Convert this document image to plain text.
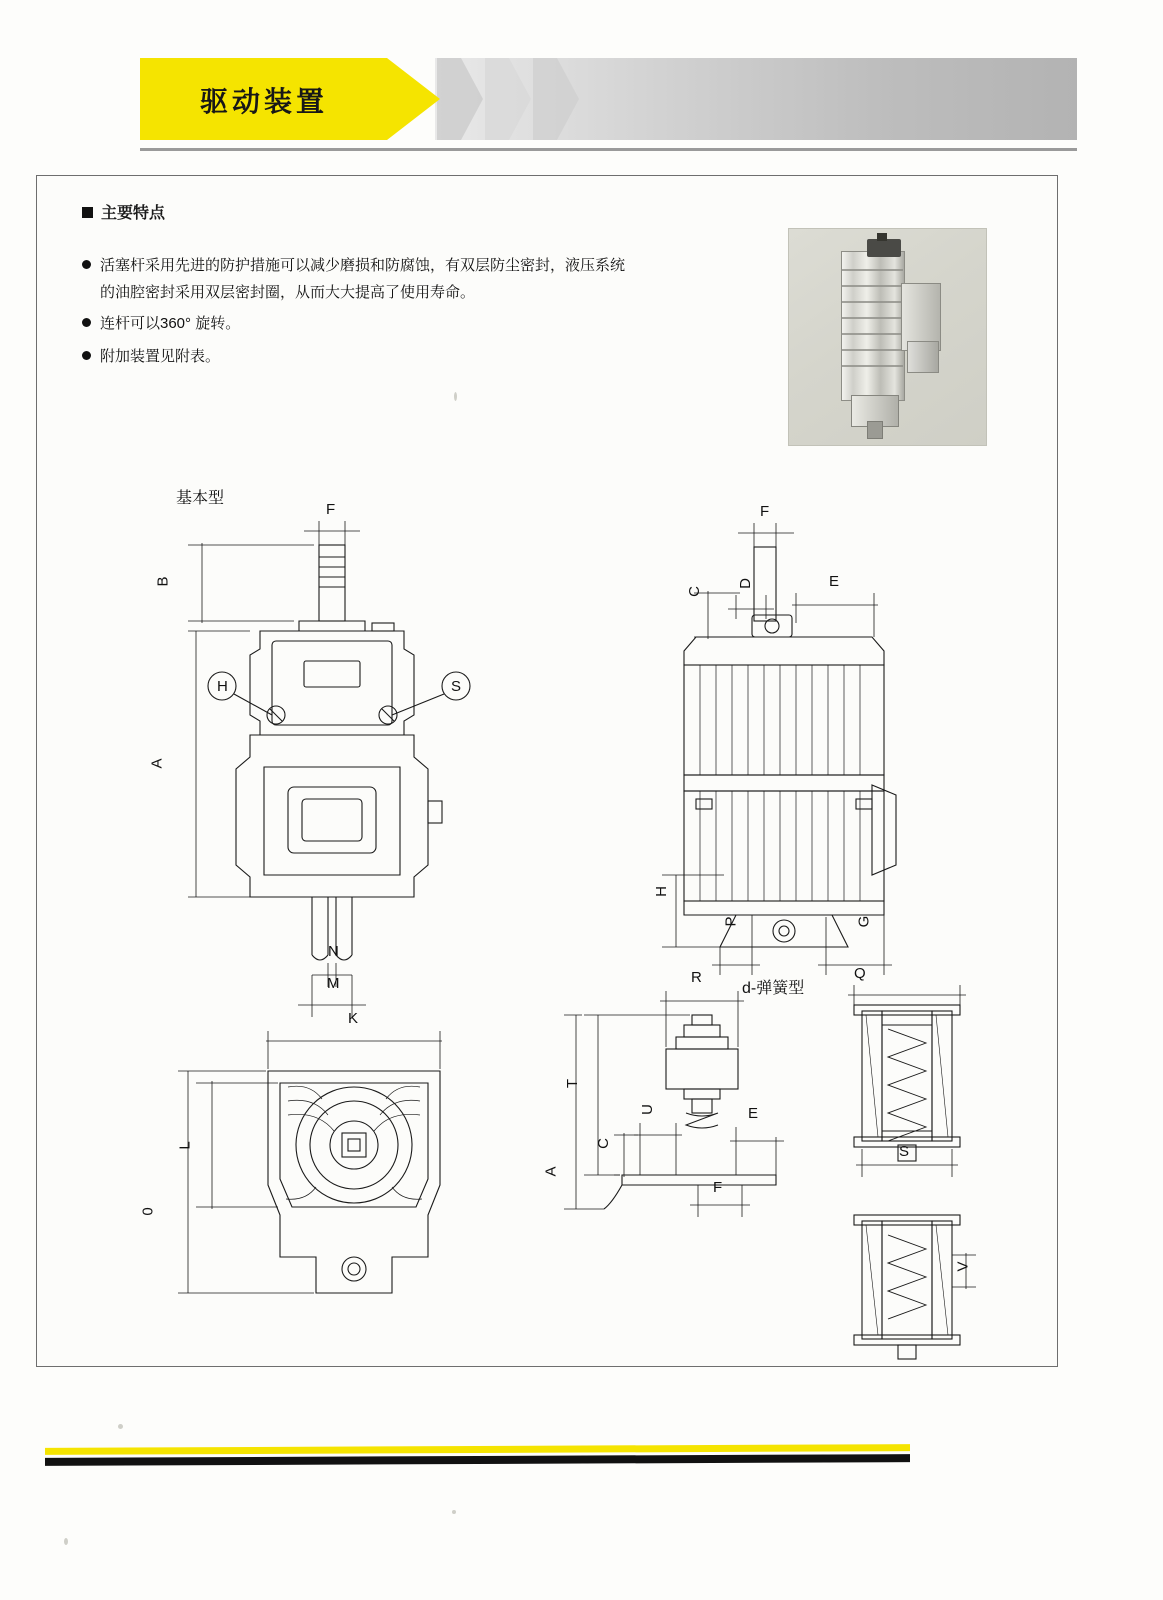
驱动装置
主要特点
活塞杆采用先进的防护措施可以减少磨损和防腐蚀，有双层防尘密封，液压系统
的油腔密封采用双层密封圈，从而大大提高了使用寿命。
连杆可以360° 旋转。
附加装置见附表。
基本型
d-弹簧型
F
B
A
H	S
N
M
K
L
0
F
D	E
C
H
P	G
R	Q
T
U	E
C
A
F
S
V
